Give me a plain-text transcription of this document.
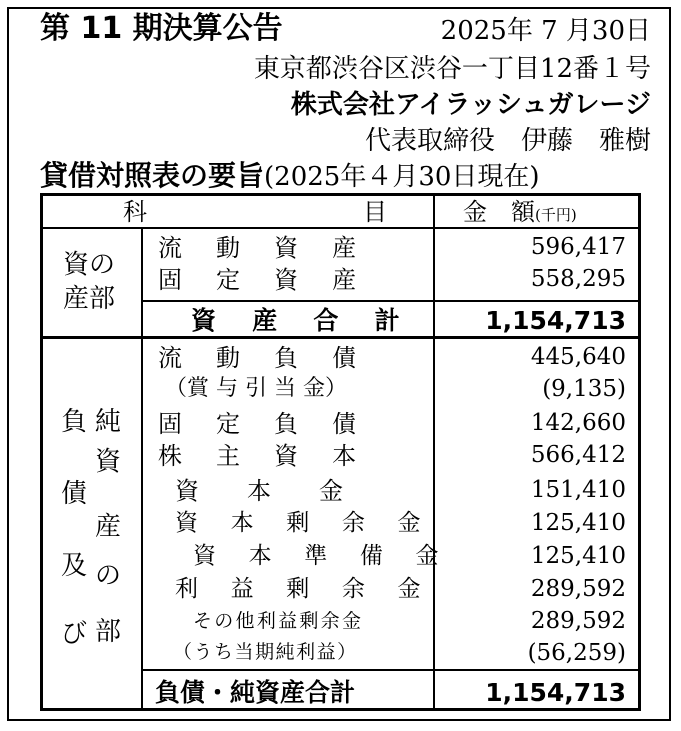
第 11 期決算公告	2025年 7 月30日
東京都渋谷区渋谷一丁目12番１号
株式会社アイラッシュガレージ
代表取締役　伊藤　雅樹
貸借対照表の要旨(2025年４月30日現在)
科　　　　　　　　　目	金　額(千円)
資の
産部
流 動 資 産	596,417
固 定 資 産	558,295
資 産 合 計	1,154,713
負
債
及
び
純
資
産
の
部
流 動 負 債	445,640
（賞 与 引 当 金）	(9,135)
固 定 負 債	142,660
株 主 資 本	566,412
資　　本　　金	151,410
資 本 剰 余 金	125,410
資 本 準 備 金	125,410
利 益 剰 余 金	289,592
その他利益剰余金	289,592
（うち当期純利益）	(56,259)
負債・純資産合計	1,154,713
